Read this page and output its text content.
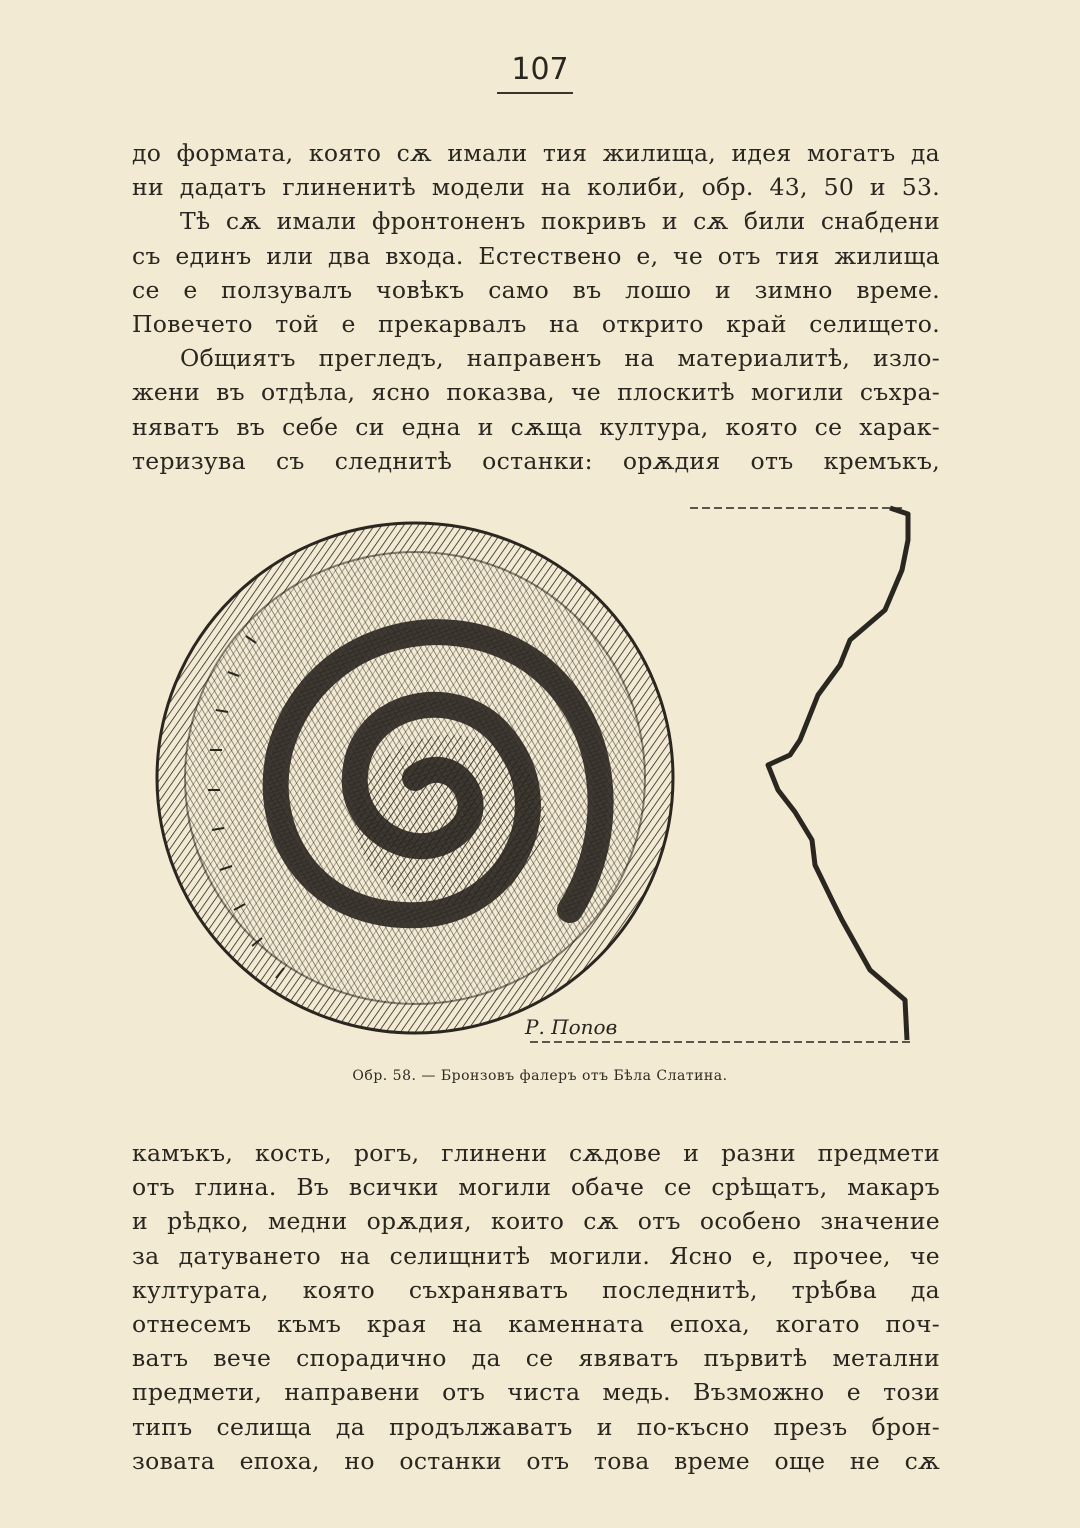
107
до формата, която сѫ имали тия жилища, идея могатъ да
ни дадатъ глиненитѣ модели на колиби, обр. 43, 50 и 53.
Тѣ сѫ имали фронтоненъ покривъ и сѫ били снабдени
съ единъ или два входа. Естествено е, че отъ тия жилища
се е ползувалъ човѣкъ само въ лошо и зимно време.
Повечето той е прекарвалъ на открито край селището.
Общиятъ прегледъ, направенъ на материалитѣ, изло-
жени въ отдѣла, ясно показва, че плоскитѣ могили съхра-
няватъ въ себе си една и сѫща култура, която се харак-
теризува съ следнитѣ останки: орѫдия отъ кремъкъ,
Р. Попов
Обр. 58. — Бронзовъ фалеръ отъ Бѣла Слатина.
камъкъ, кость, рогъ, глинени сѫдове и разни предмети
отъ глина. Въ всички могили обаче се срѣщатъ, макаръ
и рѣдко, медни орѫдия, които сѫ отъ особено значение
за датуването на селищнитѣ могили. Ясно е, прочее, че
културата, която съхраняватъ последнитѣ, трѣбва да
отнесемъ къмъ края на каменната епоха, когато поч-
ватъ вече спорадично да се явяватъ първитѣ метални
предмети, направени отъ чиста медь. Възможно е този
типъ селища да продължаватъ и по-късно презъ брон-
зовата епоха, но останки отъ това време още не сѫ
